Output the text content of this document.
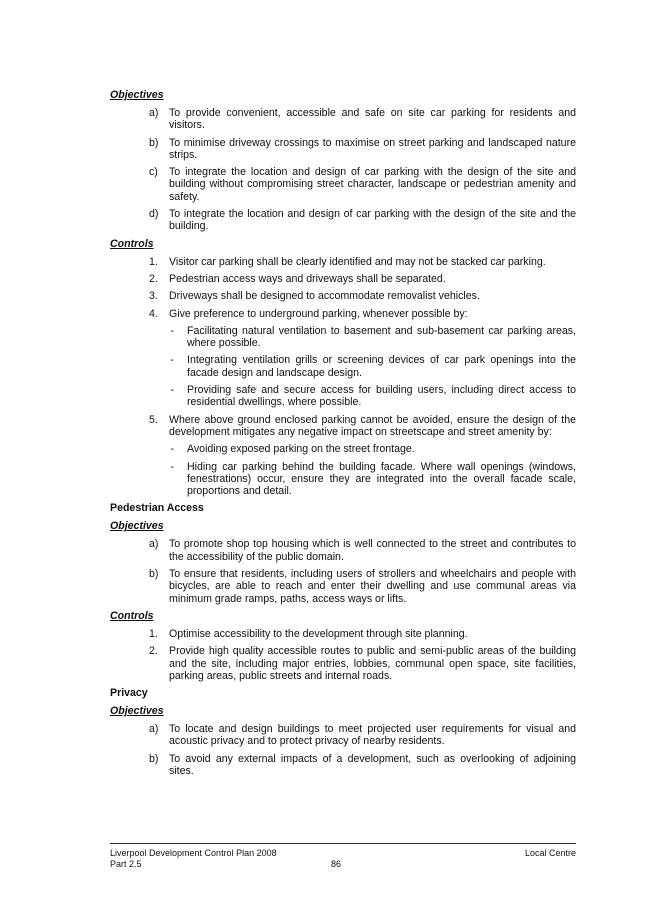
Objectives
a) To provide convenient, accessible and safe on site car parking for residents and visitors.
b) To minimise driveway crossings to maximise on street parking and landscaped nature strips.
c)	To integrate the location and design of car parking with the design of the site and building without compromising street character, landscape or pedestrian amenity and safety.
d) To integrate the location and design of car parking with the design of the site and the building.
Controls
1.	Visitor car parking shall be clearly identified and may not be stacked car parking.
2.	Pedestrian access ways and driveways shall be separated.
3.	Driveways shall be designed to accommodate removalist vehicles.
4.	Give preference to underground parking, whenever possible by:
-	Facilitating natural ventilation to basement and sub-basement car parking areas, where possible.
-	Integrating ventilation grills or screening devices of car park openings into the facade design and landscape design.
-	Providing safe and secure access for building users, including direct access to residential dwellings, where possible.
5.	Where above ground enclosed parking cannot be avoided, ensure the design of the development mitigates any negative impact on streetscape and street amenity by:
-	Avoiding exposed parking on the street frontage.
-	Hiding car parking behind the building facade. Where wall openings (windows, fenestrations) occur, ensure they are integrated into the overall facade scale, proportions and detail.
Pedestrian Access
Objectives
a) To promote shop top housing which is well connected to the street and contributes to the accessibility of the public domain.
b) To ensure that residents, including users of strollers and wheelchairs and people with bicycles, are able to reach and enter their dwelling and use communal areas via minimum grade ramps, paths, access ways or lifts.
Controls
1.	Optimise accessibility to the development through site planning.
2.	Provide high quality accessible routes to public and semi-public areas of the building and the site, including major entries, lobbies, communal open space, site facilities, parking areas, public streets and internal roads.
Privacy
Objectives
a) To locate and design buildings to meet projected user requirements for visual and acoustic privacy and to protect privacy of nearby residents.
b) To avoid any external impacts of a development, such as overlooking of adjoining sites.
Liverpool Development Control Plan 2008	Local Centre
Part 2.5	86
